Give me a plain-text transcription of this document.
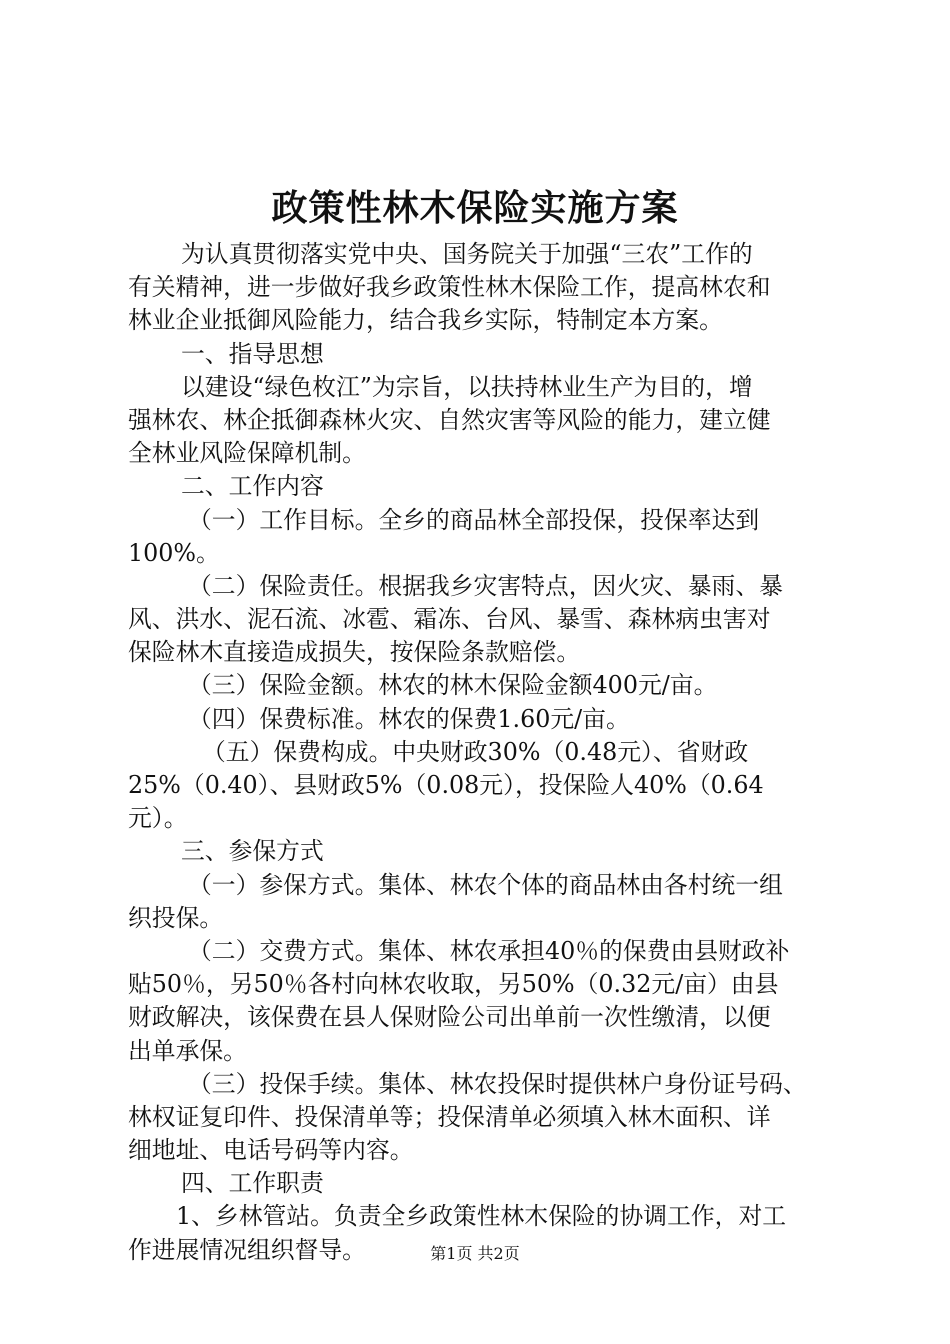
政策性林木保险实施方案
为认真贯彻落实党中央、国务院关于加强“三农”工作的
有关精神，进一步做好我乡政策性林木保险工作，提高林农和
林业企业抵御风险能力，结合我乡实际，特制定本方案。
一、指导思想
以建设“绿色枚江”为宗旨，以扶持林业生产为目的，增
强林农、林企抵御森林火灾、自然灾害等风险的能力，建立健
全林业风险保障机制。
二、工作内容
（一）工作目标。全乡的商品林全部投保，投保率达到
100%。
（二）保险责任。根据我乡灾害特点，因火灾、暴雨、暴
风、洪水、泥石流、冰雹、霜冻、台风、暴雪、森林病虫害对
保险林木直接造成损失，按保险条款赔偿。
（三）保险金额。林农的林木保险金额400元/亩。
（四）保费标准。林农的保费1.60元/亩。
（五）保费构成。中央财政30%（0.48元）、省财政
25%（0.40）、县财政5%（0.08元），投保险人40%（0.64
元）。
三、参保方式
（一）参保方式。集体、林农个体的商品林由各村统一组
织投保。
（二）交费方式。集体、林农承担40％的保费由县财政补
贴50％，另50％各村向林农收取，另50%（0.32元/亩）由县
财政解决，该保费在县人保财险公司出单前一次性缴清，以便
出单承保。
（三）投保手续。集体、林农投保时提供林户身份证号码、
林权证复印件、投保清单等；投保清单必须填入林木面积、详
细地址、电话号码等内容。
四、工作职责
1、乡林管站。负责全乡政策性林木保险的协调工作，对工
作进展情况组织督导。	第1页 共2页
